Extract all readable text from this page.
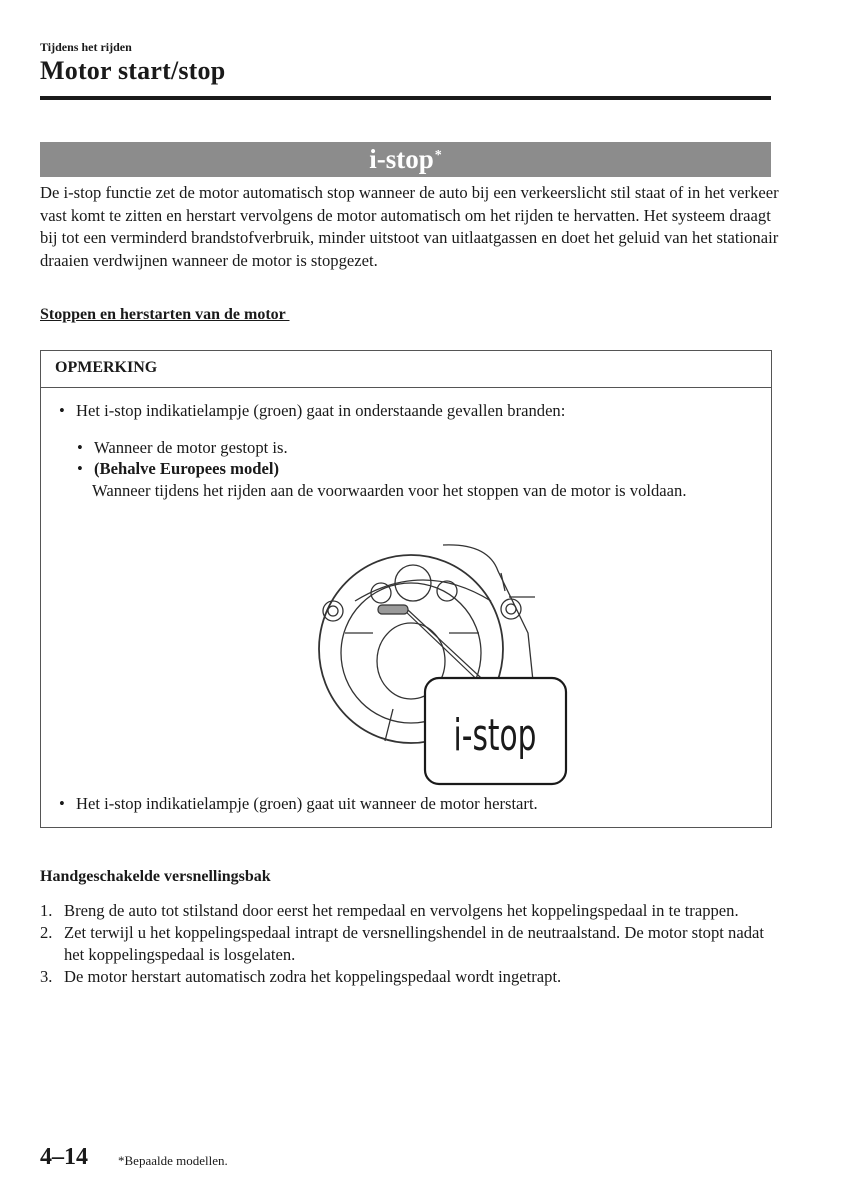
Tijdens het rijden
Motor start/stop
i-stop*

De i-stop functie zet de motor automatisch stop wanneer de auto bij een verkeerslicht stil staat of in het verkeer vast komt te zitten en herstart vervolgens de motor automatisch om het rijden te hervatten. Het systeem draagt bij tot een verminderd brandstofverbruik, minder uitstoot van uitlaatgassen en doet het geluid van het stationair draaien verdwijnen wanneer de motor is stopgezet.

Stoppen en herstarten van de motor
OPMERKING
• Het i-stop indikatielampje (groen) gaat in onderstaande gevallen branden:
• Wanneer de motor gestopt is.
• (Behalve Europees model)
Wanneer tijdens het rijden aan de voorwaarden voor het stoppen van de motor is voldaan.
i-stop
• Het i-stop indikatielampje (groen) gaat uit wanneer de motor herstart.
Handgeschakelde versnellingsbak

1. Breng de auto tot stilstand door eerst het rempedaal en vervolgens het koppelingspedaal in te trappen.

2. Zet terwijl u het koppelingspedaal intrapt de versnellingshendel in de neutraalstand. De motor stopt nadat het koppelingspedaal is losgelaten.

3. De motor herstart automatisch zodra het koppelingspedaal wordt ingetrapt.

4–14 *Bepaalde modellen.
